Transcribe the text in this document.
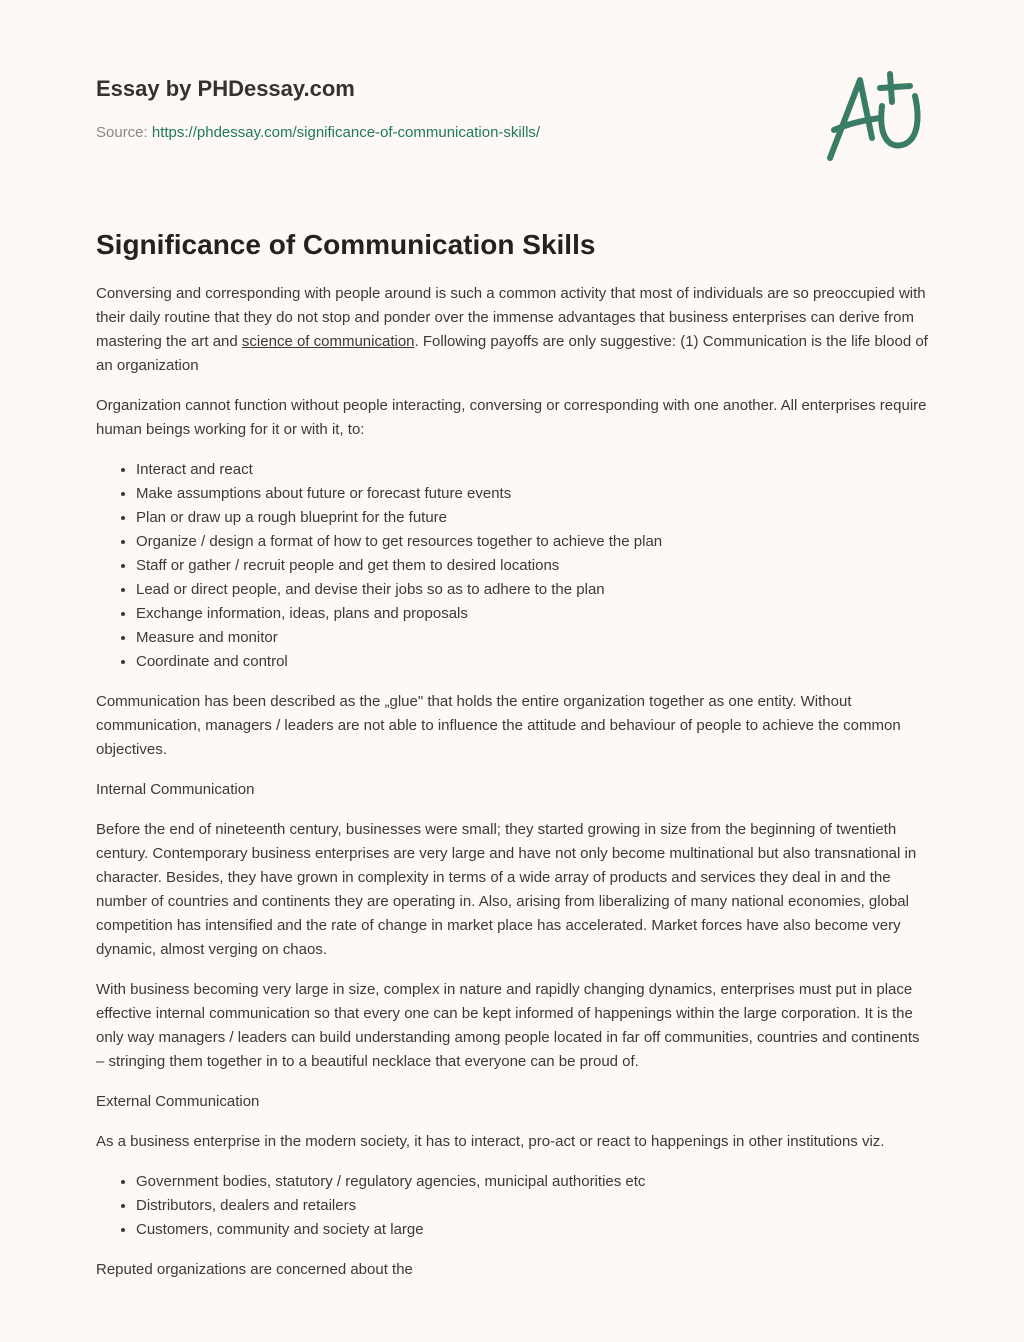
Essay by PHDessay.com
Source: https://phdessay.com/significance-of-communication-skills/
Significance of Communication Skills

Conversing and corresponding with people around is such a common activity that most of individuals are so preoccupied with their daily routine that they do not stop and ponder over the immense advantages that business enterprises can derive from mastering the art and science of communication. Following payoffs are only suggestive: (1) Communication is the life blood of an organization

Organization cannot function without people interacting, conversing or corresponding with one another. All enterprises require human beings working for it or with it, to:

• Interact and react
• Make assumptions about future or forecast future events
• Plan or draw up a rough blueprint for the future
• Organize / design a format of how to get resources together to achieve the plan
• Staff or gather / recruit people and get them to desired locations
• Lead or direct people, and devise their jobs so as to adhere to the plan
• Exchange information, ideas, plans and proposals
• Measure and monitor
• Coordinate and control

Communication has been described as the „glue" that holds the entire organization together as one entity. Without communication, managers / leaders are not able to influence the attitude and behaviour of people to achieve the common objectives.

Internal Communication

Before the end of nineteenth century, businesses were small; they started growing in size from the beginning of twentieth century. Contemporary business enterprises are very large and have not only become multinational but also transnational in character. Besides, they have grown in complexity in terms of a wide array of products and services they deal in and the number of countries and continents they are operating in. Also, arising from liberalizing of many national economies, global competition has intensified and the rate of change in market place has accelerated. Market forces have also become very dynamic, almost verging on chaos.

With business becoming very large in size, complex in nature and rapidly changing dynamics, enterprises must put in place effective internal communication so that every one can be kept informed of happenings within the large corporation. It is the only way managers / leaders can build understanding among people located in far off communities, countries and continents – stringing them together in to a beautiful necklace that everyone can be proud of.

External Communication

As a business enterprise in the modern society, it has to interact, pro-act or react to happenings in other institutions viz.

• Government bodies, statutory / regulatory agencies, municipal authorities etc
• Distributors, dealers and retailers
• Customers, community and society at large

Reputed organizations are concerned about the
